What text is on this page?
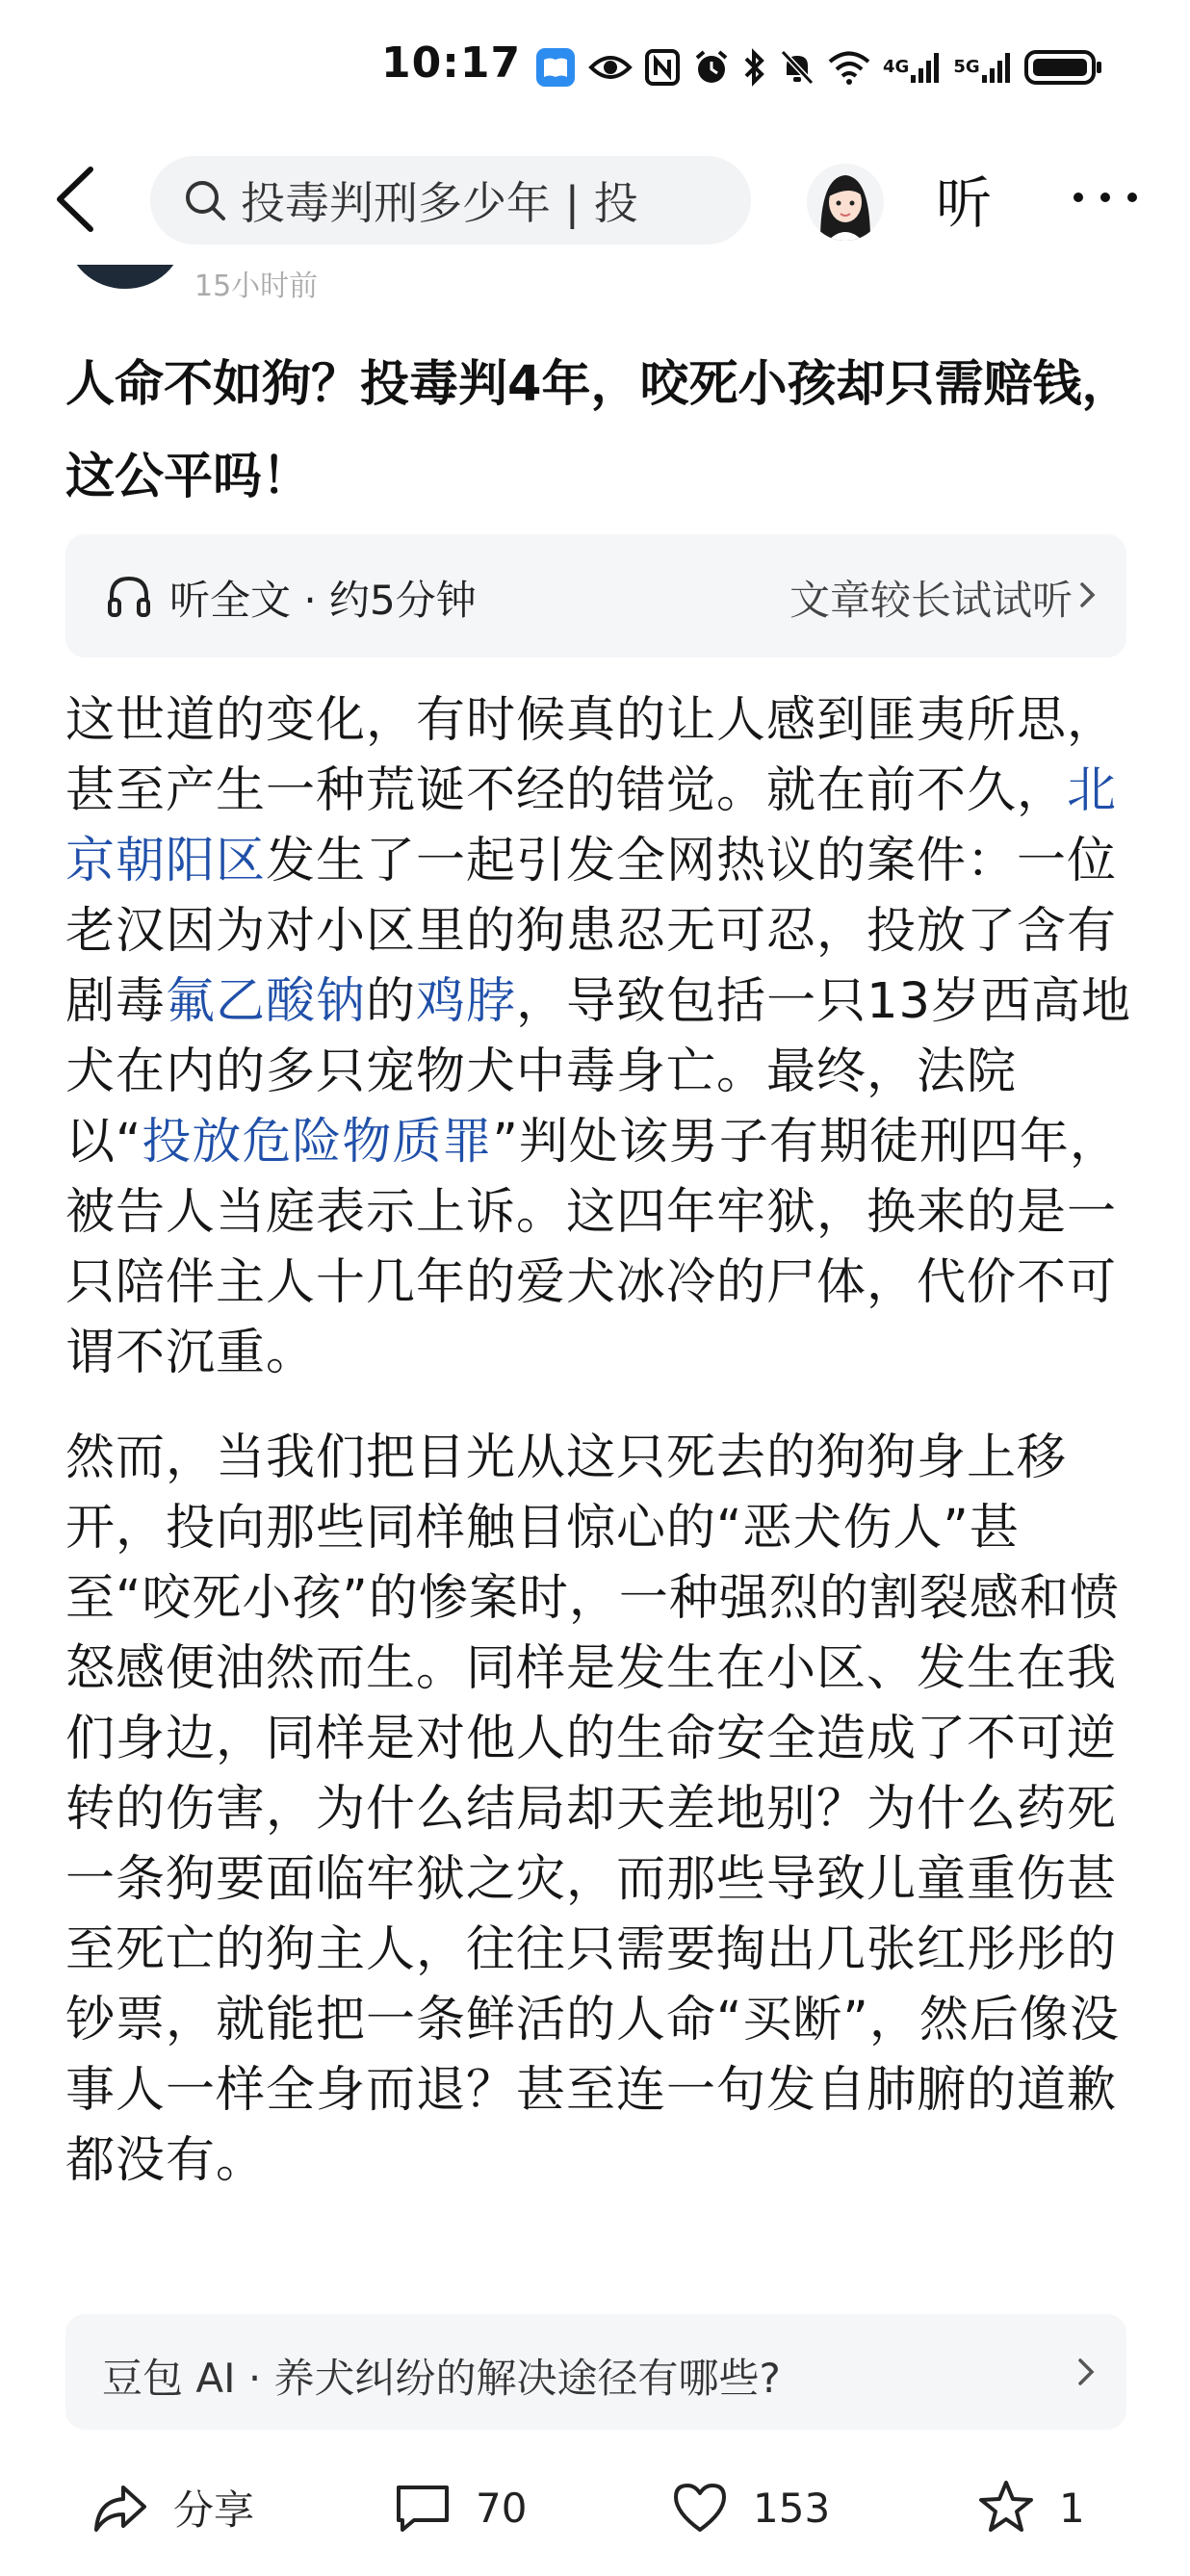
10:17	4G	5G
投毒判刑多少年 | 投	听
15小时前
人命不如狗？投毒判4年，咬死小孩却只需赔钱，这公平吗！
听全文 · 约5分钟	文章较长试试听

这世道的变化，有时候真的让人感到匪夷所思，甚至产生一种荒诞不经的错觉。就在前不久，北京朝阳区发生了一起引发全网热议的案件：一位老汉因为对小区里的狗患忍无可忍，投放了含有剧毒氟乙酸钠的鸡脖，导致包括一只13岁西高地犬在内的多只宠物犬中毒身亡。最终，法院以“投放危险物质罪”判处该男子有期徒刑四年，被告人当庭表示上诉。这四年牢狱，换来的是一只陪伴主人十几年的爱犬冰冷的尸体，代价不可谓不沉重。

然而，当我们把目光从这只死去的狗狗身上移开，投向那些同样触目惊心的“恶犬伤人”甚至“咬死小孩”的惨案时，一种强烈的割裂感和愤怒感便油然而生。同样是发生在小区、发生在我们身边，同样是对他人的生命安全造成了不可逆转的伤害，为什么结局却天差地别？为什么药死一条狗要面临牢狱之灾，而那些导致儿童重伤甚至死亡的狗主人，往往只需要掏出几张红彤彤的钞票，就能把一条鲜活的人命“买断”，然后像没事人一样全身而退？甚至连一句发自肺腑的道歉都没有。

豆包 AI · 养犬纠纷的解决途径有哪些?
分享	70	153	1
